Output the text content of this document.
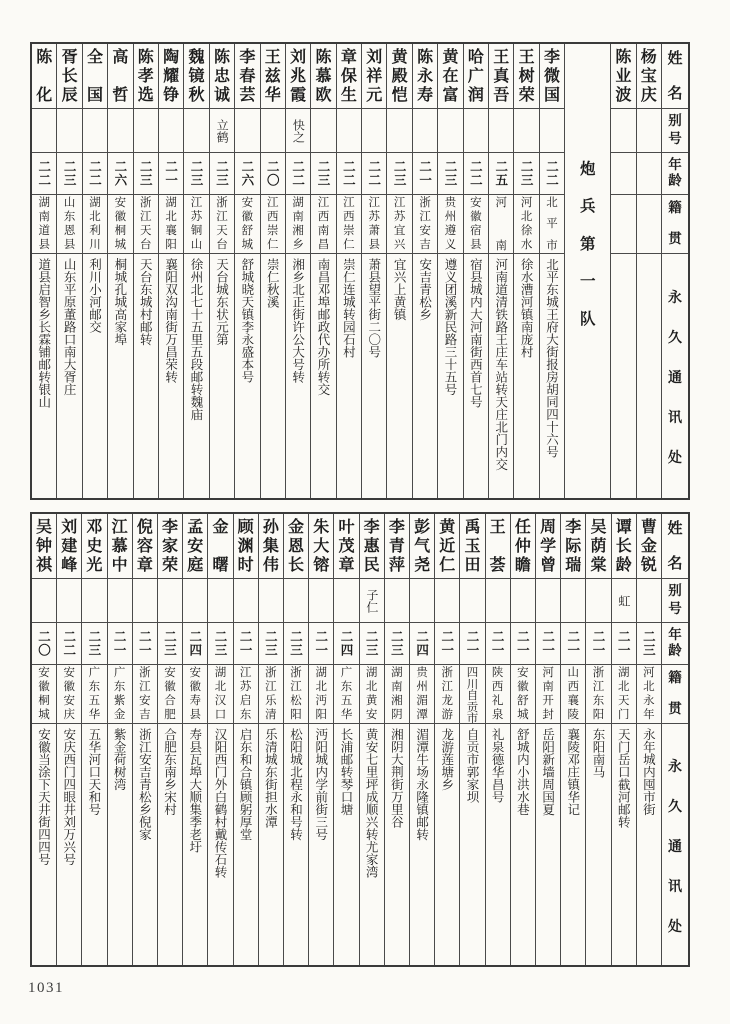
姓
名
别
号
年
龄
籍
贯
永
久
通
讯
处
杨
宝
庆
陈
业
波
炮
兵
第
一
队
李
微
国
二二
北
平
市
北平东城王府大街报房胡同四十六号
王
树
荣
二三
河
北
徐
水
徐水漕河镇南庞村
王
真
吾
二五
河
南
河南道清铁路王庄车站转天庄北门内交
哈
广
润
二二
安
徽
宿
县
宿县城内大河南街西首七号
黄
在
富
二三
贵
州
遵
义
遵义团溪新民路三十五号
陈
永
寿
二一
浙
江
安
吉
安吉青松乡
黄
殿
恺
二三
江
苏
宜
兴
宜兴上黄镇
刘
祥
元
二二
江
苏
萧
县
萧县望平街二〇号
章
保
生
二二
江
西
崇
仁
崇仁连城转园石村
陈
慕
欧
二三
江
西
南
昌
南昌邓埠邮政代办所转交
刘
兆
霞
快之
二二
湖
南
湘
乡
湘乡北正街许公大号转
王
兹
华
二〇
江
西
崇
仁
崇仁秋溪
李
春
芸
二六
安
徽
舒
城
舒城晓天镇李永盛本号
陈
忠
诚
立鹤
二三
浙
江
天
台
天台城东状元第
魏
镜
秋
二三
江
苏
铜
山
徐州北七十五里五段邮转魏庙
陶
耀
铮
二一
湖
北
襄
阳
襄阳双沟南街万昌荣转
陈
孝
选
二三
浙
江
天
台
天台东城村邮转
高
哲
二六
安
徽
桐
城
桐城孔城高家埠
全
国
二二
湖
北
利
川
利川小河邮交
胥
长
辰
二三
山
东
恩
县
山东平原董路口南大胥庄
陈
化
二二
湖
南
道
县
道县启智乡长霖铺邮转银山
姓
名
别
号
年
龄
籍
贯
永
久
通
讯
处
曹
金
锐
二三
河
北
永
年
永年城内囤市街
谭
长
龄
虹
二一
湖
北
天
门
天门岳口截河邮转
吴
荫
棠
二一
浙
江
东
阳
东阳南马
李
际
瑞
二一
山
西
襄
陵
襄陵邓庄镇华记
周
学
曾
二一
河
南
开
封
岳阳新墙周国夏
任
仲
瞻
二一
安
徽
舒
城
舒城内小洪水巷
王
荟
二一
陕
西
礼
泉
礼泉德华昌号
禹
玉
田
二一
四
川
自
贡
市
自贡市郭家坝
黄
近
仁
二一
浙
江
龙
游
龙游莲塘乡
彭
气
尧
二四
贵
州
湄
潭
湄潭牛场永隆镇邮转
李
青
萍
二三
湖
南
湘
阴
湘阴大荆街万里谷
李
惠
民
子仁
二三
湖
北
黄
安
黄安七里坪成顺兴转尤家湾
叶
茂
章
二四
广
东
五
华
长浦邮转琴口塘
朱
大
镕
二一
湖
北
沔
阳
沔阳城内学前街三号
金
恩
长
二三
浙
江
松
阳
松阳城北程永和号转
孙
集
伟
二三
浙
江
乐
清
乐清城东街担水潭
顾
渊
时
二一
江
苏
启
东
启东和合镇顾躬厚堂
金
曙
二三
湖
北
汉
口
汉阳西门外白鹤村戴传石转
孟
安
庭
二四
安
徽
寿
县
寿县瓦埠大顺集季老圩
李
家
荣
二三
安
徽
合
肥
合肥东南乡宋村
倪
容
章
二一
浙
江
安
吉
浙江安吉青松乡倪家
江
慕
中
二一
广
东
紫
金
紫金荷树湾
邓
史
光
二三
广
东
五
华
五华河口天和号
刘
建
峰
二二
安
徽
安
庆
安庆西门四眼井刘万兴号
吴
钟
祺
二〇
安
徽
桐
城
安徽当涂下天井街四四号
1031
